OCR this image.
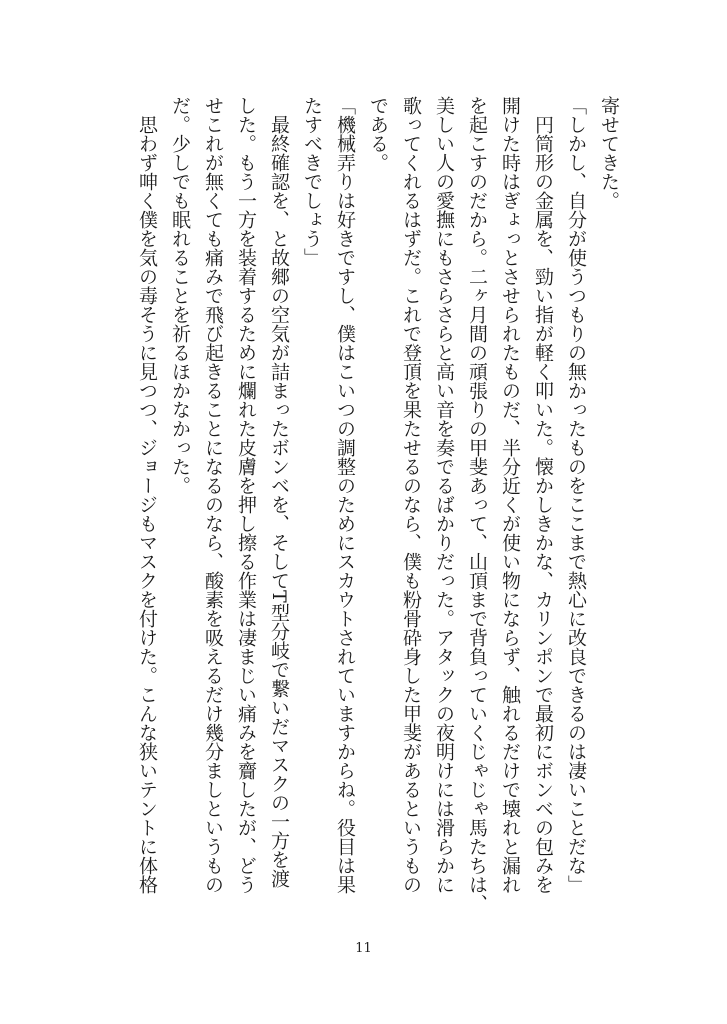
寄せてきた。
「しかし、自分が使うつもりの無かったものをここまで熱心に改良できるのは凄いことだな」
　円筒形の金属を、勁い指が軽く叩いた。懐かしきかな、カリンポンで最初にボンベの包みを
開けた時はぎょっとさせられたものだ、半分近くが使い物にならず、触れるだけで壊れと漏れ
を起こすのだから。二ヶ月間の頑張りの甲斐あって、山頂まで背負っていくじゃじゃ馬たちは、
美しい人の愛撫にもさらさらと高い音を奏でるばかりだった。アタックの夜明けには滑らかに
歌ってくれるはずだ。これで登頂を果たせるのなら、僕も粉骨砕身した甲斐があるというもの
である。
「機械弄りは好きですし、僕はこいつの調整のためにスカウトされていますからね。役目は果
たすべきでしょう」
　最終確認を、と故郷の空気が詰まったボンベを、そしてT型分岐で繋いだマスクの一方を渡
した。もう一方を装着するために爛れた皮膚を押し擦る作業は凄まじい痛みを齎したが、どう
せこれが無くても痛みで飛び起きることになるのなら、酸素を吸えるだけ幾分ましというもの
だ。少しでも眠れることを祈るほかなかった。
　思わず呻く僕を気の毒そうに見つつ、ジョージもマスクを付けた。こんな狭いテントに体格
11
